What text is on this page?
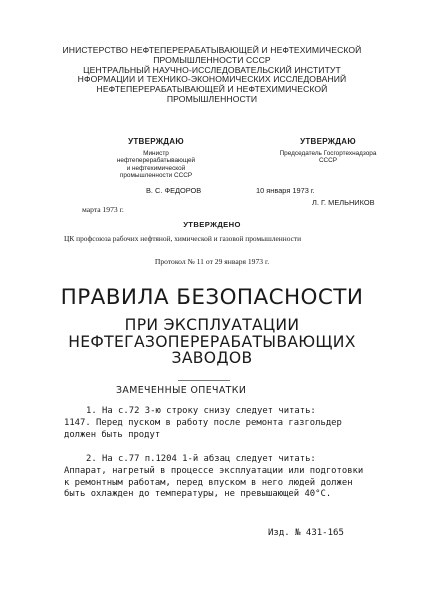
ИНИСТЕРСТВО НЕФТЕПЕРЕРАБАТЫВАЮЩЕЙ И НЕФТЕХИМИЧЕСКОЙ
ПРОМЫШЛЕННОСТИ СССР
ЦЕНТРАЛЬНЫЙ НАУЧНО-ИССЛЕДОВАТЕЛЬСКИЙ ИНСТИТУТ
НФОРМАЦИИ И ТЕХНИКО-ЭКОНОМИЧЕСКИХ ИССЛЕДОВАНИЙ
НЕФТЕПЕРЕРАБАТЫВАЮЩЕЙ И НЕФТЕХИМИЧЕСКОЙ
ПРОМЫШЛЕННОСТИ
УТВЕРЖДАЮ
Министр
нефтеперерабатывающей
и нефтехимической
промышленности СССР
УТВЕРЖДАЮ
Председатель Госгортехнадзора
СССР
В. С. ФЕДОРОВ	10 января 1973 г.
Л. Г. МЕЛЬНИКОВ
марта 1973 г.
УТВЕРЖДЕНО
ЦК профсоюза рабочих нефтяной, химической и газовой промышленности
Протокол № 11 от 29 января 1973 г.
ПРАВИЛА БЕЗОПАСНОСТИ
ПРИ ЭКСПЛУАТАЦИИ
НЕФТЕГАЗОПЕРЕРАБАТЫВАЮЩИХ
ЗАВОДОВ
ЗАМЕЧЕННЫЕ ОПЕЧАТКИ
1. На с.72 3-ю строку снизу следует читать:
1147. Перед пуском в работу после ремонта газгольдер
должен быть продут
2. На с.77 п.1204 1-й абзац следует читать:
Аппарат, нагретый в процессе эксплуатации или подготовки
к ремонтным работам, перед впуском в него людей должен
быть охлажден до температуры, не превышающей 40°С.
Изд. № 431-165
